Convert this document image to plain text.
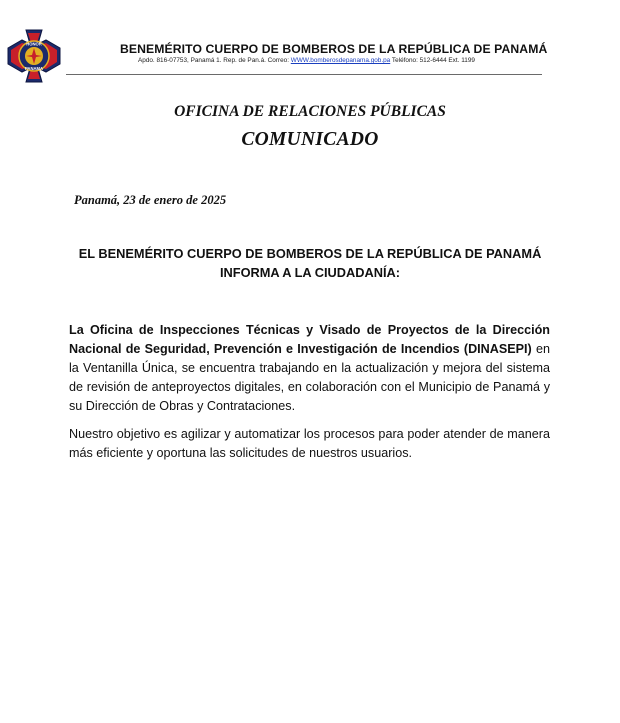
HONOR
PANAMA
BENEMÉRITO CUERPO DE BOMBEROS DE LA REPÚBLICA DE PANAMÁ
Apdo. 816-07753, Panamá 1. Rep. de Pan.á. Correo: WWW.bomberosdepanama.gob.pa Teléfono: 512-6444 Ext. 1199
OFICINA DE RELACIONES PÚBLICAS
COMUNICADO
Panamá, 23 de enero de 2025
EL BENEMÉRITO CUERPO DE BOMBEROS DE LA REPÚBLICA DE PANAMÁ
INFORMA A LA CIUDADANÍA:

La Oficina de Inspecciones Técnicas y Visado de Proyectos de la Dirección Nacional de Seguridad, Prevención e Investigación de Incendios (DINASEPI) en la Ventanilla Única, se encuentra trabajando en la actualización y mejora del sistema de revisión de anteproyectos digitales, en colaboración con el Municipio de Panamá y su Dirección de Obras y Contrataciones.

Nuestro objetivo es agilizar y automatizar los procesos para poder atender de manera más eficiente y oportuna las solicitudes de nuestros usuarios.
